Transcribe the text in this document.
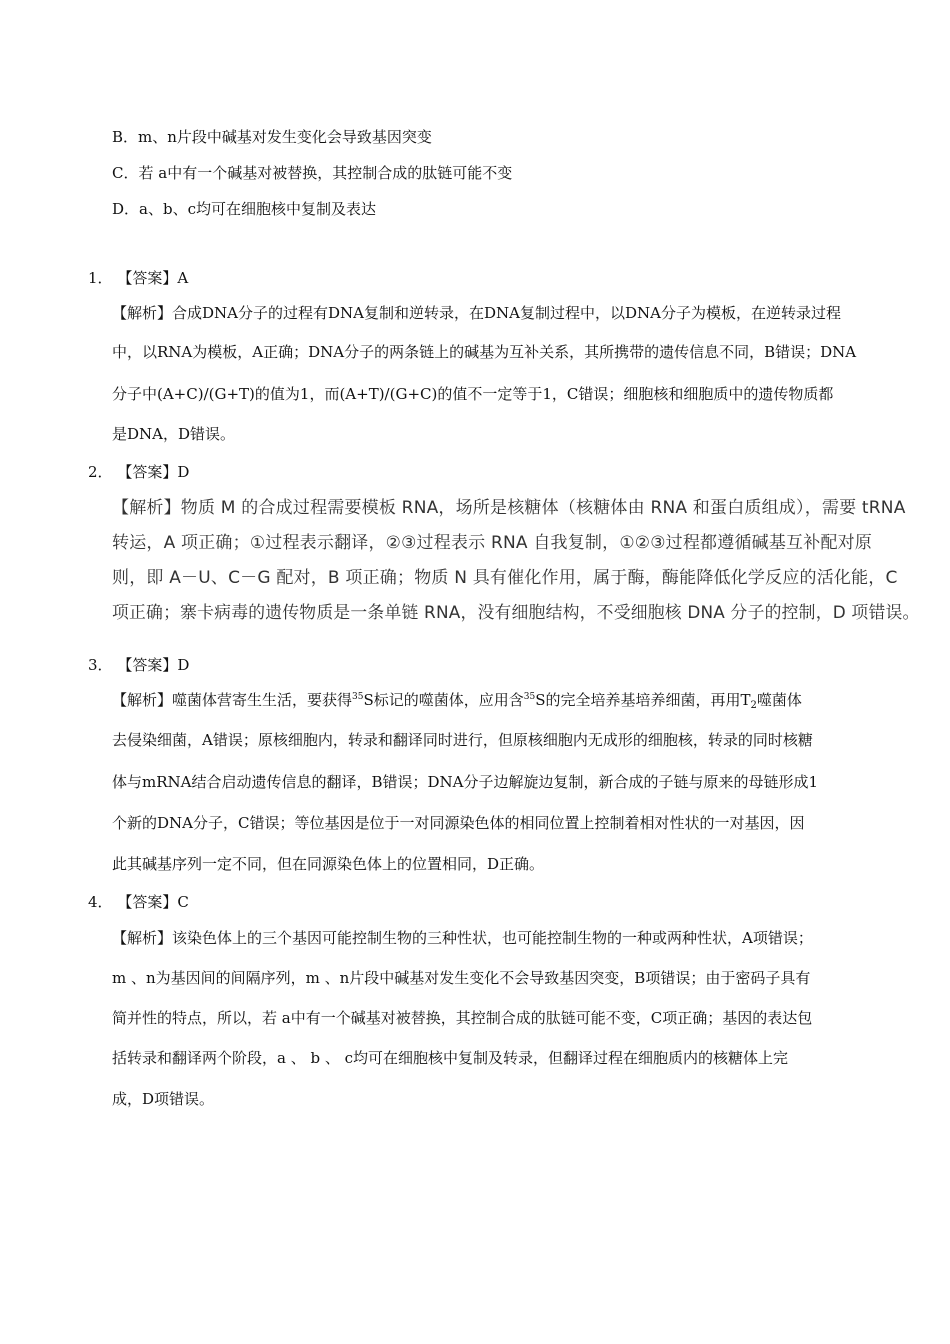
B．m、n片段中碱基对发生变化会导致基因突变
C．若 a中有一个碱基对被替换，其控制合成的肽链可能不变
D．a、b、c均可在细胞核中复制及表达
1． 【答案】A
【解析】合成DNA分子的过程有DNA复制和逆转录，在DNA复制过程中，以DNA分子为模板，在逆转录过程
中，以RNA为模板，A正确；DNA分子的两条链上的碱基为互补关系，其所携带的遗传信息不同，B错误；DNA
分子中(A+C)/(G+T)的值为1，而(A+T)/(G+C)的值不一定等于1，C错误；细胞核和细胞质中的遗传物质都
是DNA，D错误。
2． 【答案】D
【解析】物质 M 的合成过程需要模板 RNA，场所是核糖体（核糖体由 RNA 和蛋白质组成），需要 tRNA
转运，A 项正确；①过程表示翻译，②③过程表示 RNA 自我复制，①②③过程都遵循碱基互补配对原
则，即 A－U、C－G 配对，B 项正确；物质 N 具有催化作用，属于酶，酶能降低化学反应的活化能，C
项正确；寨卡病毒的遗传物质是一条单链 RNA，没有细胞结构，不受细胞核 DNA 分子的控制，D 项错误。
3． 【答案】D
【解析】噬菌体营寄生生活，要获得$^{35}$S标记的噬菌体，应用含$^{35}$S的完全培养基培养细菌，再用$T_2$噬菌体
去侵染细菌，A错误；原核细胞内，转录和翻译同时进行，但原核细胞内无成形的细胞核，转录的同时核糖
体与mRNA结合启动遗传信息的翻译，B错误；DNA分子边解旋边复制，新合成的子链与原来的母链形成1
个新的DNA分子，C错误；等位基因是位于一对同源染色体的相同位置上控制着相对性状的一对基因，因
此其碱基序列一定不同，但在同源染色体上的位置相同，D正确。
4． 【答案】C
【解析】该染色体上的三个基因可能控制生物的三种性状，也可能控制生物的一种或两种性状，A项错误；
m 、n为基因间的间隔序列，m 、n片段中碱基对发生变化不会导致基因突变，B项错误；由于密码子具有
简并性的特点，所以，若 a中有一个碱基对被替换，其控制合成的肽链可能不变，C项正确；基因的表达包
括转录和翻译两个阶段，a 、 b 、 c均可在细胞核中复制及转录，但翻译过程在细胞质内的核糖体上完
成，D项错误。
